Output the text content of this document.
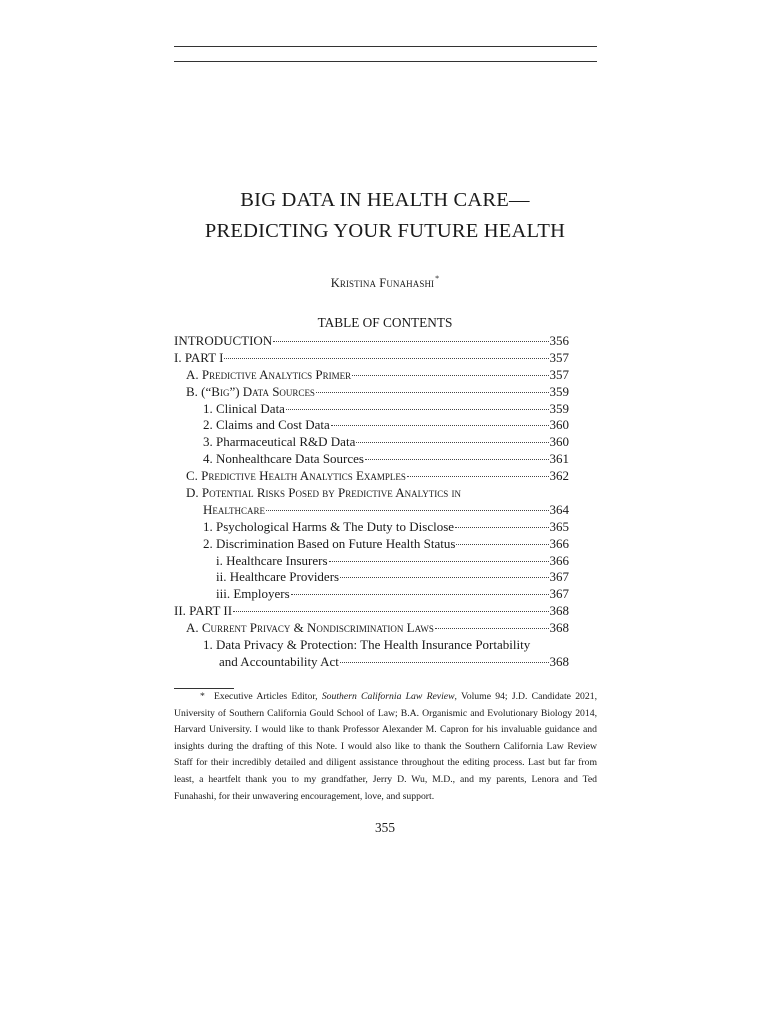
BIG DATA IN HEALTH CARE—
PREDICTING YOUR FUTURE HEALTH
Kristina Funahashi*
TABLE OF CONTENTS
INTRODUCTION	356
I. PART I	357
A. Predictive Analytics Primer	357
B. (“Big”) Data Sources	359
1. Clinical Data	359
2. Claims and Cost Data	360
3. Pharmaceutical R&D Data	360
4. Nonhealthcare Data Sources	361
C. Predictive Health Analytics Examples	362
D. Potential Risks Posed by Predictive Analytics in
Healthcare	364
1. Psychological Harms & The Duty to Disclose	365
2. Discrimination Based on Future Health Status	366
i. Healthcare Insurers	366
ii. Healthcare Providers	367
iii. Employers	367
II. PART II	368
A. Current Privacy & Nondiscrimination Laws	368
1. Data Privacy & Protection: The Health Insurance Portability
and Accountability Act	368
* Executive Articles Editor, Southern California Law Review, Volume 94; J.D. Candidate 2021, University of Southern California Gould School of Law; B.A. Organismic and Evolutionary Biology 2014, Harvard University. I would like to thank Professor Alexander M. Capron for his invaluable guidance and insights during the drafting of this Note. I would also like to thank the Southern California Law Review Staff for their incredibly detailed and diligent assistance throughout the editing process. Last but far from least, a heartfelt thank you to my grandfather, Jerry D. Wu, M.D., and my parents, Lenora and Ted Funahashi, for their unwavering encouragement, love, and support.
355
